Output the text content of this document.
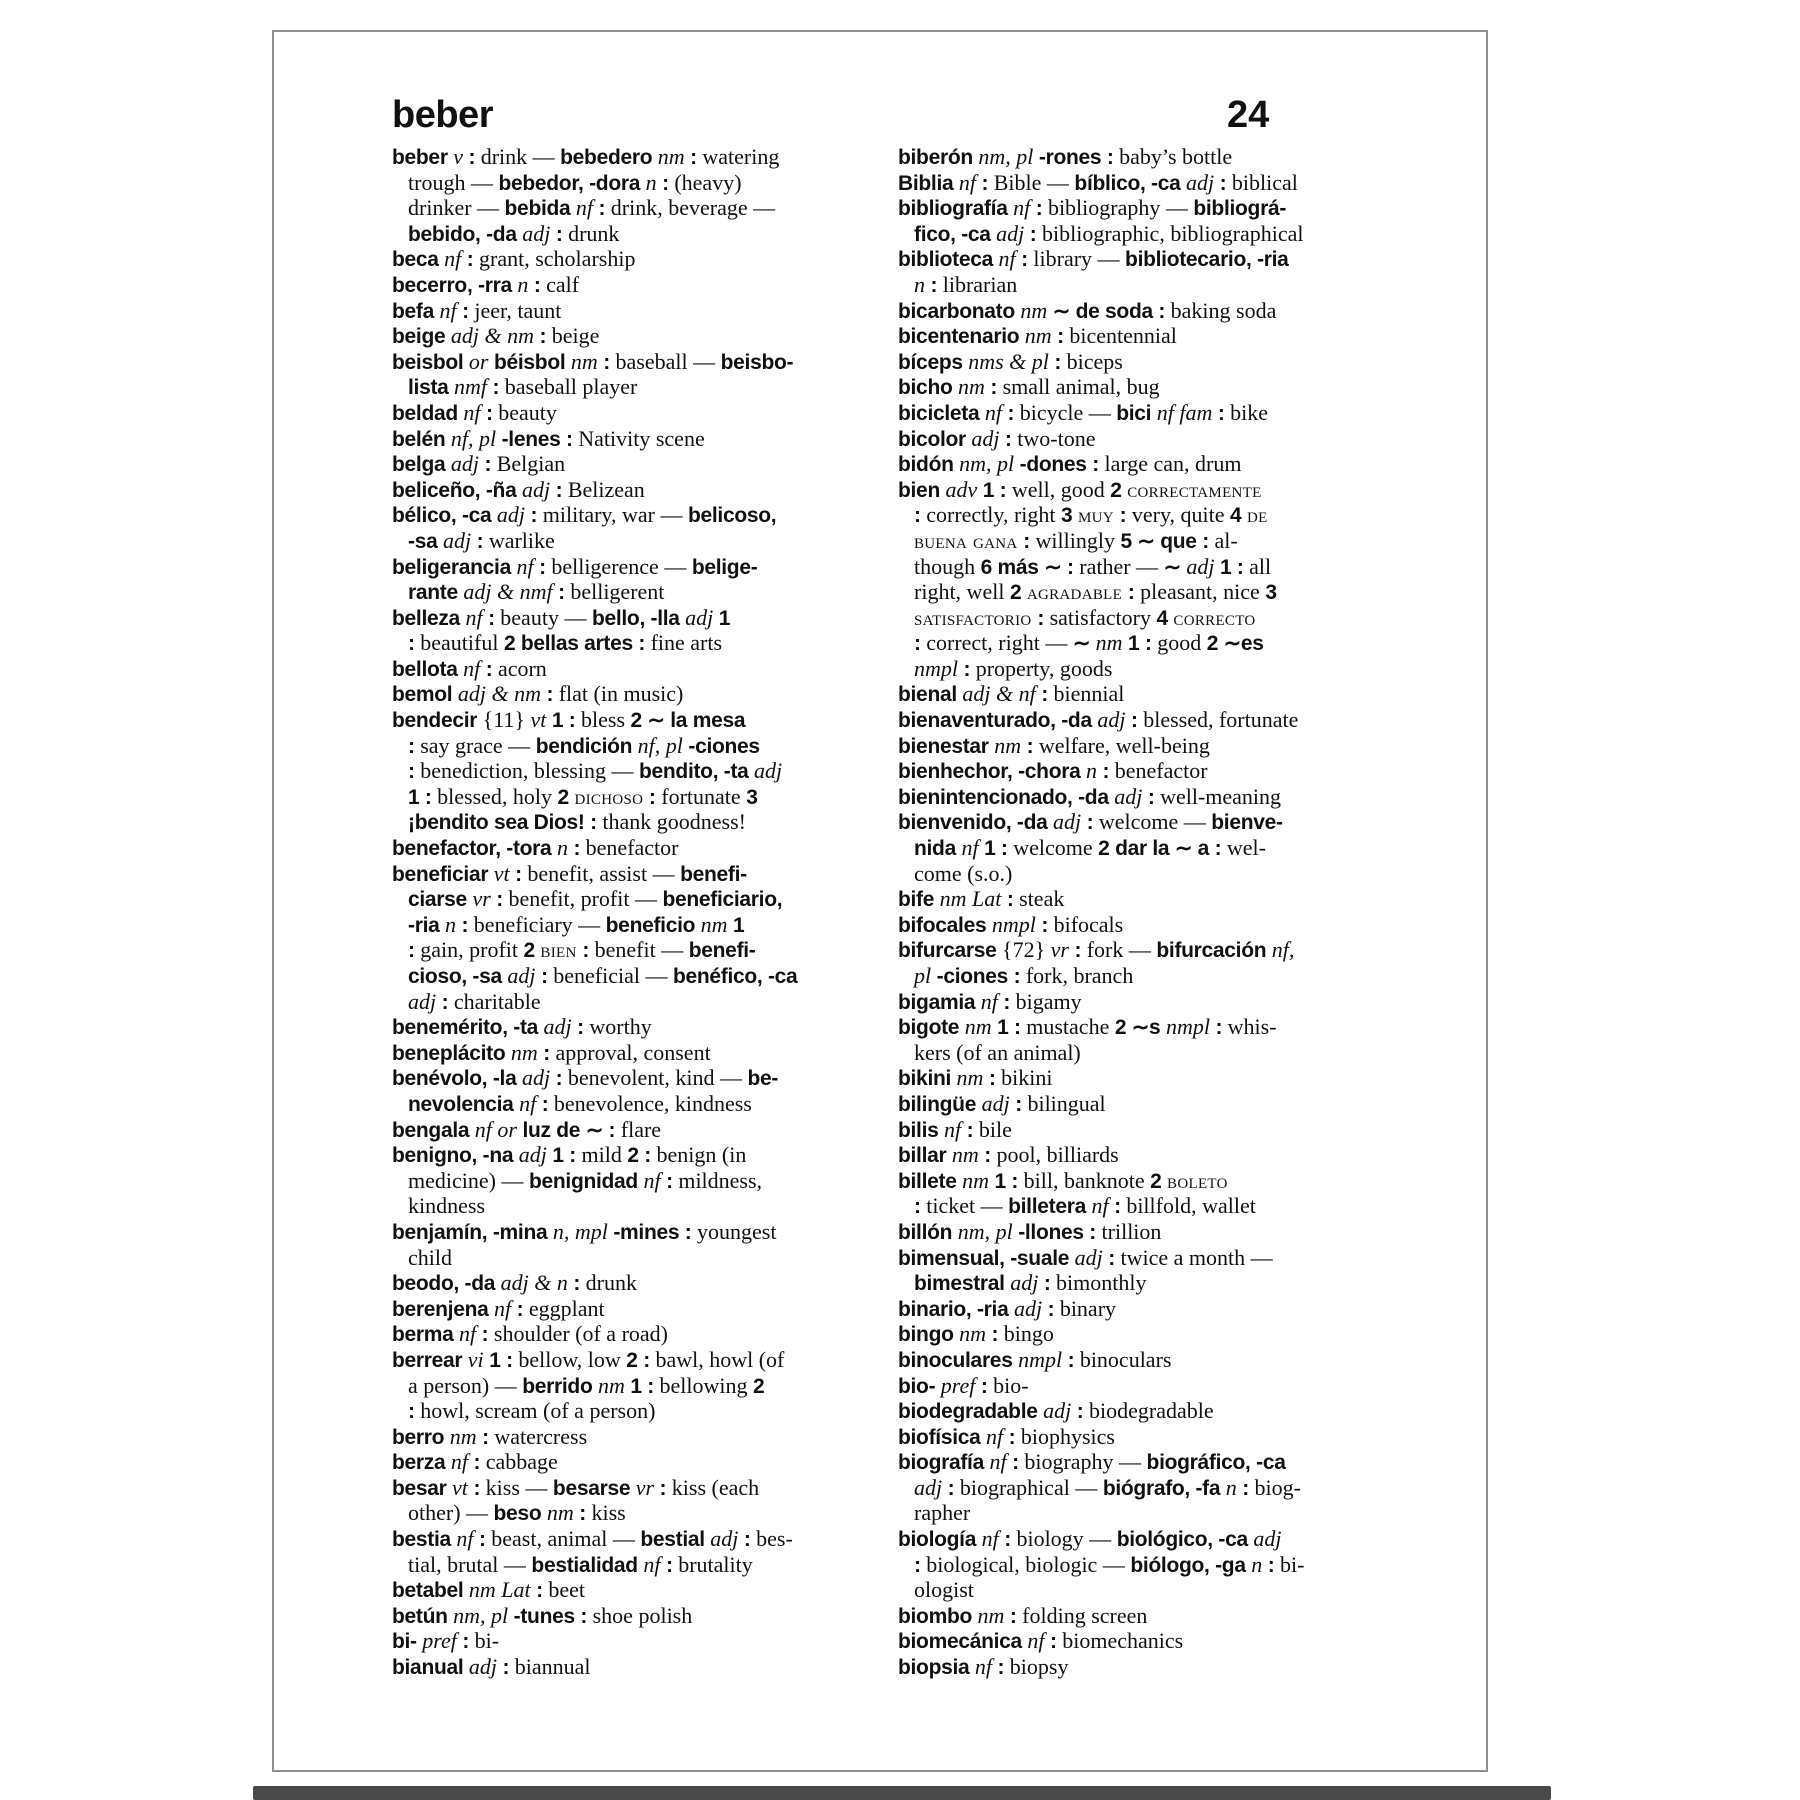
beber	24
beber v : drink — bebedero nm : watering
trough — bebedor, -dora n : (heavy)
drinker — bebida nf : drink, beverage —
bebido, -da adj : drunk
beca nf : grant, scholarship
becerro, -rra n : calf
befa nf : jeer, taunt
beige adj & nm : beige
beisbol or béisbol nm : baseball — beisbo-
lista nmf : baseball player
beldad nf : beauty
belén nf, pl -lenes : Nativity scene
belga adj : Belgian
beliceño, -ña adj : Belizean
bélico, -ca adj : military, war — belicoso,
-sa adj : warlike
beligerancia nf : belligerence — belige-
rante adj & nmf : belligerent
belleza nf : beauty — bello, -lla adj 1
: beautiful 2 bellas artes : fine arts
bellota nf : acorn
bemol adj & nm : flat (in music)
bendecir {11} vt 1 : bless 2 ∼ la mesa
: say grace — bendición nf, pl -ciones
: benediction, blessing — bendito, -ta adj
1 : blessed, holy 2 dichoso : fortunate 3
¡bendito sea Dios! : thank goodness!
benefactor, -tora n : benefactor
beneficiar vt : benefit, assist — benefi-
ciarse vr : benefit, profit — beneficiario,
-ria n : beneficiary — beneficio nm 1
: gain, profit 2 bien : benefit — benefi-
cioso, -sa adj : beneficial — benéfico, -ca
adj : charitable
benemérito, -ta adj : worthy
beneplácito nm : approval, consent
benévolo, -la adj : benevolent, kind — be-
nevolencia nf : benevolence, kindness
bengala nf or luz de ∼ : flare
benigno, -na adj 1 : mild 2 : benign (in
medicine) — benignidad nf : mildness,
kindness
benjamín, -mina n, mpl -mines : youngest
child
beodo, -da adj & n : drunk
berenjena nf : eggplant
berma nf : shoulder (of a road)
berrear vi 1 : bellow, low 2 : bawl, howl (of
a person) — berrido nm 1 : bellowing 2
: howl, scream (of a person)
berro nm : watercress
berza nf : cabbage
besar vt : kiss — besarse vr : kiss (each
other) — beso nm : kiss
bestia nf : beast, animal — bestial adj : bes-
tial, brutal — bestialidad nf : brutality
betabel nm Lat : beet
betún nm, pl -tunes : shoe polish
bi- pref : bi-
bianual adj : biannual
biberón nm, pl -rones : baby’s bottle
Biblia nf : Bible — bíblico, -ca adj : biblical
bibliografía nf : bibliography — bibliográ-
fico, -ca adj : bibliographic, bibliographical
biblioteca nf : library — bibliotecario, -ria
n : librarian
bicarbonato nm ∼ de soda : baking soda
bicentenario nm : bicentennial
bíceps nms & pl : biceps
bicho nm : small animal, bug
bicicleta nf : bicycle — bici nf fam : bike
bicolor adj : two-tone
bidón nm, pl -dones : large can, drum
bien adv 1 : well, good 2 correctamente
: correctly, right 3 muy : very, quite 4 de
buena gana : willingly 5 ∼ que : al-
though 6 más ∼ : rather — ∼ adj 1 : all
right, well 2 agradable : pleasant, nice 3
satisfactorio : satisfactory 4 correcto
: correct, right — ∼ nm 1 : good 2 ∼es
nmpl : property, goods
bienal adj & nf : biennial
bienaventurado, -da adj : blessed, fortunate
bienestar nm : welfare, well-being
bienhechor, -chora n : benefactor
bienintencionado, -da adj : well-meaning
bienvenido, -da adj : welcome — bienve-
nida nf 1 : welcome 2 dar la ∼ a : wel-
come (s.o.)
bife nm Lat : steak
bifocales nmpl : bifocals
bifurcarse {72} vr : fork — bifurcación nf,
pl -ciones : fork, branch
bigamia nf : bigamy
bigote nm 1 : mustache 2 ∼s nmpl : whis-
kers (of an animal)
bikini nm : bikini
bilingüe adj : bilingual
bilis nf : bile
billar nm : pool, billiards
billete nm 1 : bill, banknote 2 boleto
: ticket — billetera nf : billfold, wallet
billón nm, pl -llones : trillion
bimensual, -suale adj : twice a month —
bimestral adj : bimonthly
binario, -ria adj : binary
bingo nm : bingo
binoculares nmpl : binoculars
bio- pref : bio-
biodegradable adj : biodegradable
biofísica nf : biophysics
biografía nf : biography — biográfico, -ca
adj : biographical — biógrafo, -fa n : biog-
rapher
biología nf : biology — biológico, -ca adj
: biological, biologic — biólogo, -ga n : bi-
ologist
biombo nm : folding screen
biomecánica nf : biomechanics
biopsia nf : biopsy
